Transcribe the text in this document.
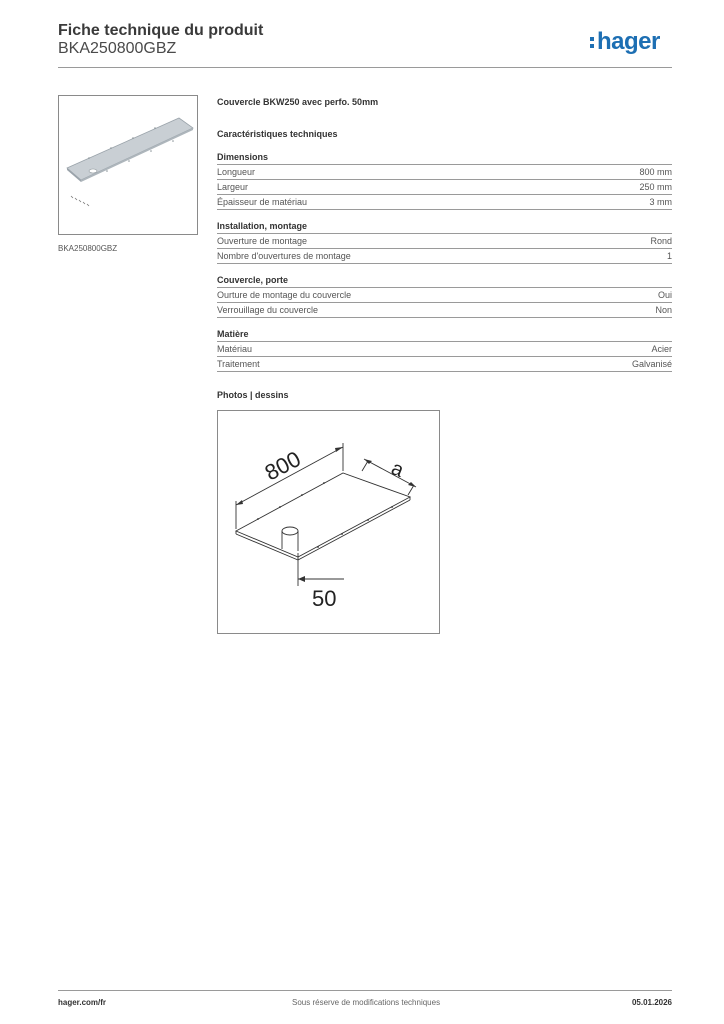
Fiche technique du produit
BKA250800GBZ	hager
BKA250800GBZ
Couvercle BKW250 avec perfo. 50mm
Caractéristiques techniques
Dimensions
Longueur	800 mm
Largeur	250 mm
Épaisseur de matériau	3 mm
Installation, montage
Ouverture de montage	Rond
Nombre d'ouvertures de montage	1
Couvercle, porte
Ourture de montage du couvercle	Oui
Verrouillage du couvercle	Non
Matière
Matériau	Acier
Traitement	Galvanisé
Photos | dessins
800	a
50
hager.com/fr	Sous réserve de modifications techniques	05.01.2026
